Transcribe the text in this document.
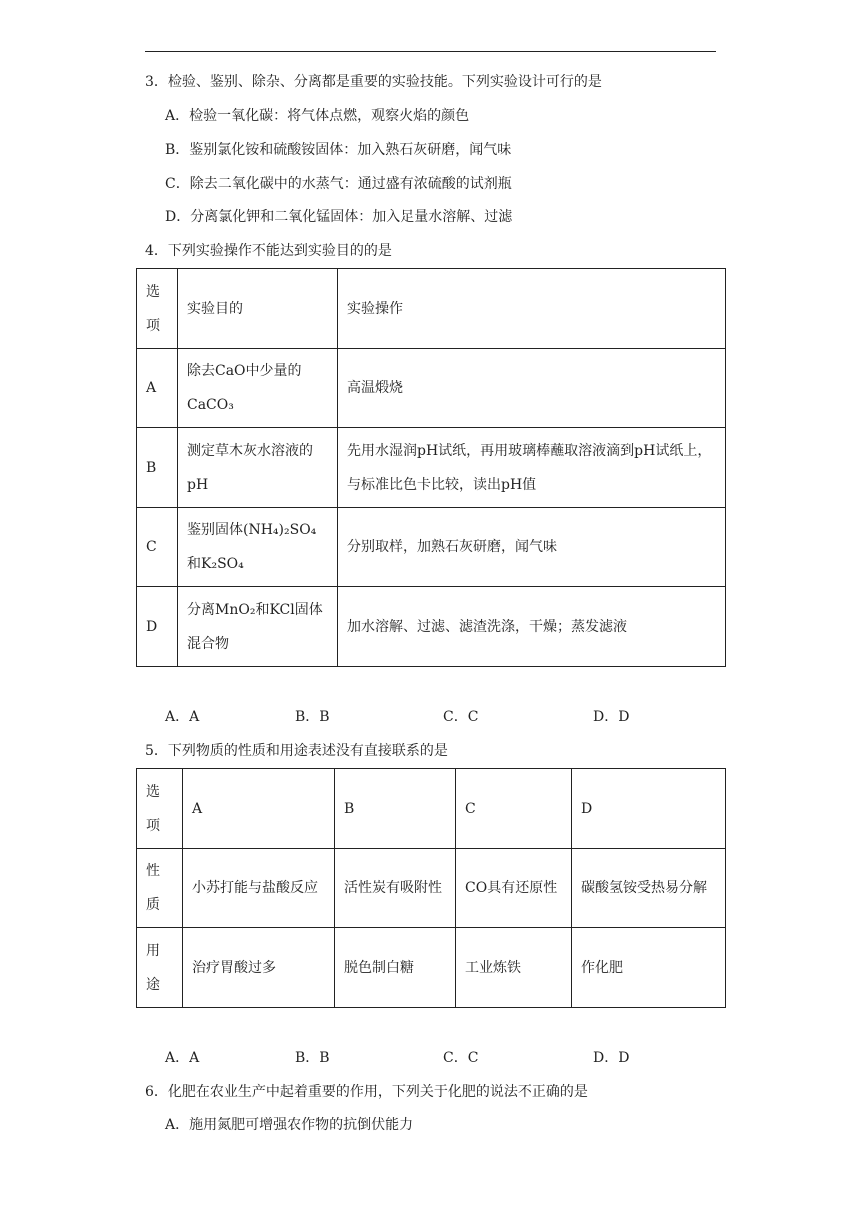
3．检验、鉴别、除杂、分离都是重要的实验技能。下列实验设计可行的是
A．检验一氧化碳：将气体点燃，观察火焰的颜色
B．鉴别氯化铵和硫酸铵固体：加入熟石灰研磨，闻气味
C．除去二氧化碳中的水蒸气：通过盛有浓硫酸的试剂瓶
D．分离氯化钾和二氧化锰固体：加入足量水溶解、过滤
4．下列实验操作不能达到实验目的的是
选项	实验目的	实验操作
A	除去CaO中少量的CaCO₃	高温煅烧
B	测定草木灰水溶液的pH	先用水湿润pH试纸，再用玻璃棒蘸取溶液滴到pH试纸上，与标准比色卡比较，读出pH值
C	鉴别固体(NH₄)₂SO₄和K₂SO₄	分别取样，加熟石灰研磨，闻气味
D	分离MnO₂和KCl固体混合物	加水溶解、过滤、滤渣洗涤，干燥；蒸发滤液
A．A	B．B	C．C	D．D
5．下列物质的性质和用途表述没有直接联系的是
选项	A	B	C	D
性质	小苏打能与盐酸反应	活性炭有吸附性	CO具有还原性	碳酸氢铵受热易分解
用途	治疗胃酸过多	脱色制白糖	工业炼铁	作化肥
A．A	B．B	C．C	D．D
6．化肥在农业生产中起着重要的作用，下列关于化肥的说法不正确的是
A．施用氮肥可增强农作物的抗倒伏能力
